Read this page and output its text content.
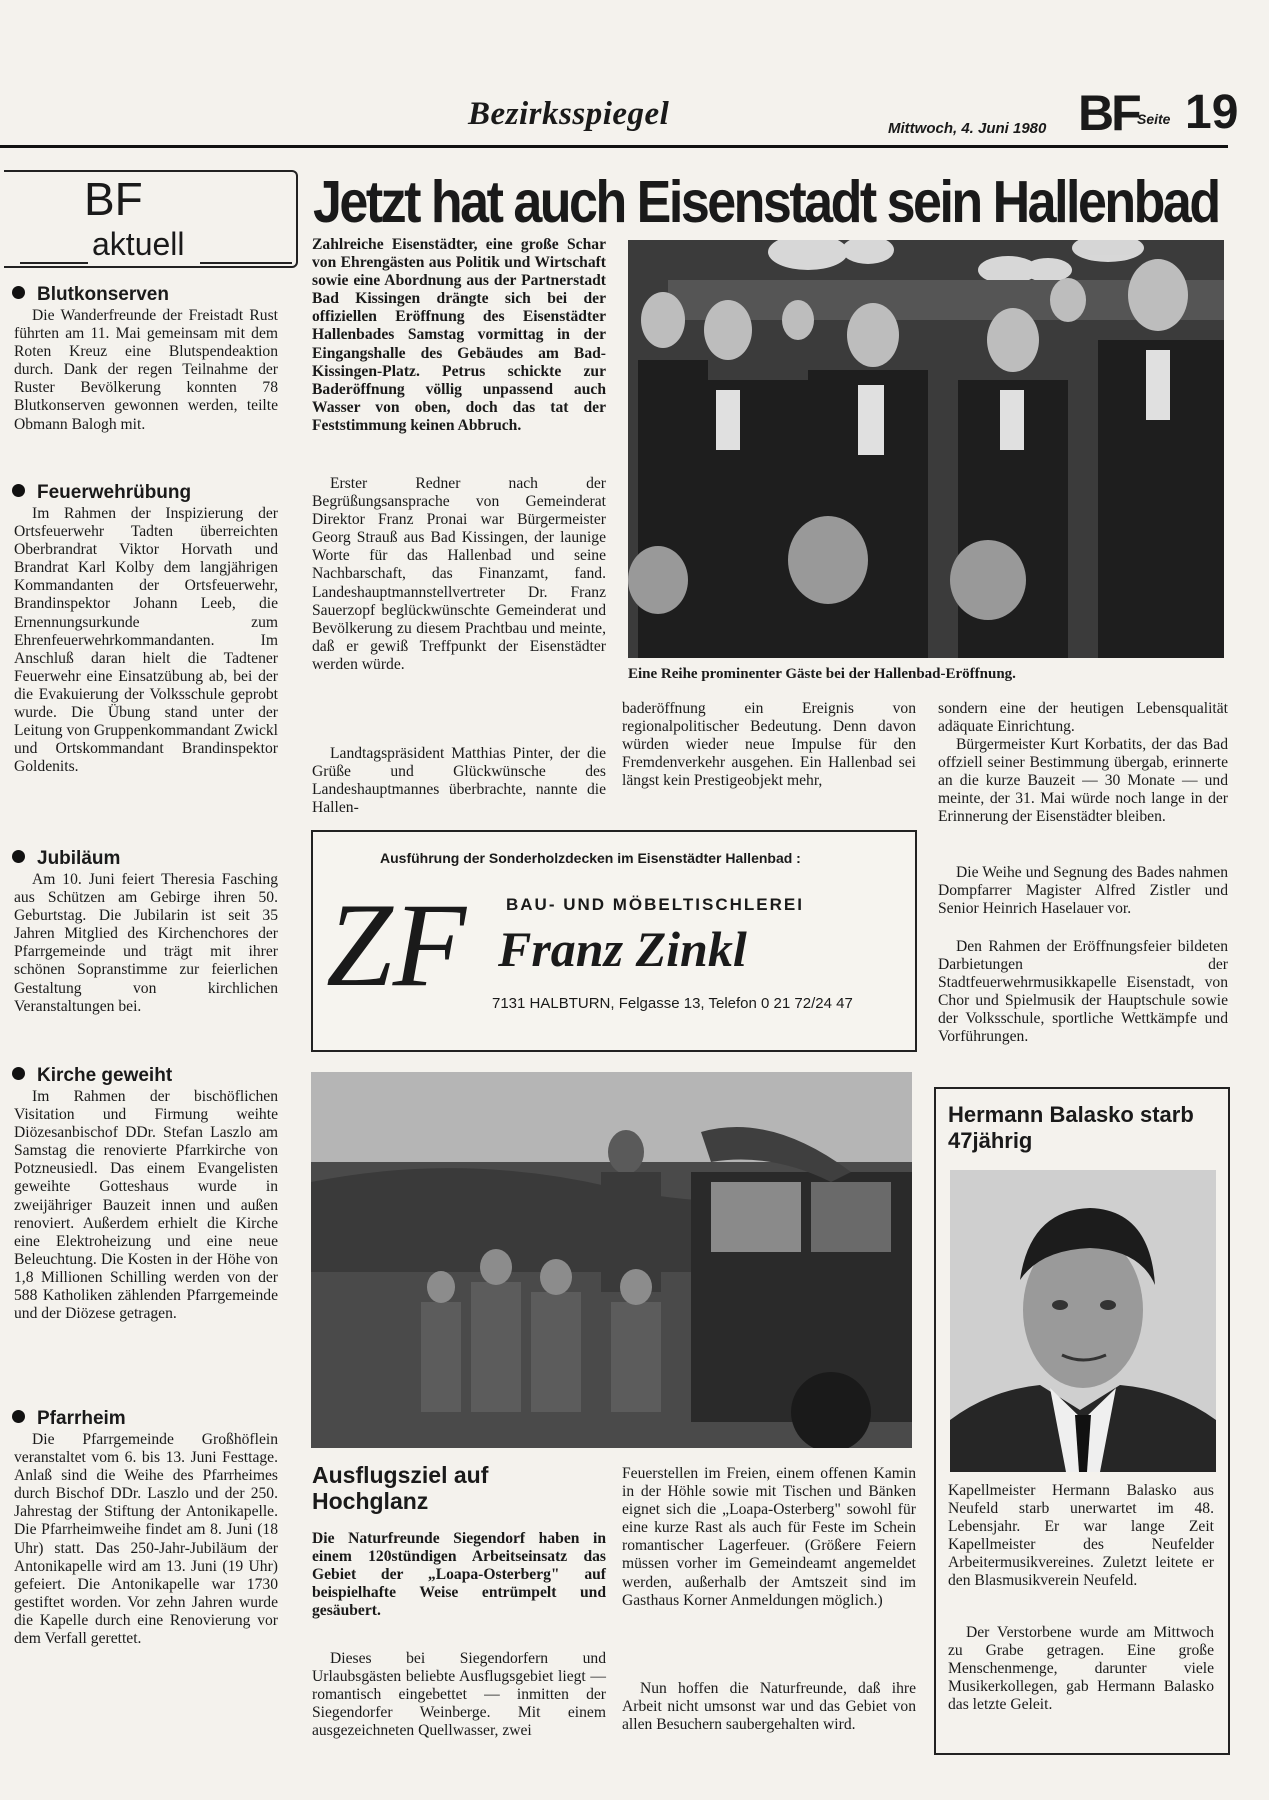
Bezirksspiegel	Mittwoch, 4. Juni 1980 BF
Seite 19
BF
aktuell
Blutkonserven

Die Wanderfreunde der Freistadt Rust führten am 11. Mai gemeinsam mit dem Roten Kreuz eine Blutspendeaktion durch. Dank der regen Teilnahme der Ruster Bevölkerung konnten 78 Blutkonserven gewonnen werden, teilte Obmann Balogh mit.

Feuerwehrübung

Im Rahmen der Inspizierung der Ortsfeuerwehr Tadten überreichten Oberbrandrat Viktor Horvath und Brandrat Karl Kolby dem langjährigen Kommandanten der Ortsfeuerwehr, Brandinspektor Johann Leeb, die Ernennungsurkunde zum Ehrenfeuerwehrkommandanten. Im Anschluß daran hielt die Tadtener Feuerwehr eine Einsatzübung ab, bei der die Evakuierung der Volksschule geprobt wurde. Die Übung stand unter der Leitung von Gruppenkommandant Zwickl und Ortskommandant Brandinspektor Goldenits.

Jubiläum

Am 10. Juni feiert Theresia Fasching aus Schützen am Gebirge ihren 50. Geburtstag. Die Jubilarin ist seit 35 Jahren Mitglied des Kirchenchores der Pfarrgemeinde und trägt mit ihrer schönen Sopranstimme zur feierlichen Gestaltung von kirchlichen Veranstaltungen bei.

Kirche geweiht

Im Rahmen der bischöflichen Visitation und Firmung weihte Diözesanbischof DDr. Stefan Laszlo am Samstag die renovierte Pfarrkirche von Potzneusiedl. Das einem Evangelisten geweihte Gotteshaus wurde in zweijähriger Bauzeit innen und außen renoviert. Außerdem erhielt die Kirche eine Elektroheizung und eine neue Beleuchtung. Die Kosten in der Höhe von 1,8 Millionen Schilling werden von der 588 Katholiken zählenden Pfarrgemeinde und der Diözese getragen.

Pfarrheim

Die Pfarrgemeinde Großhöflein veranstaltet vom 6. bis 13. Juni Festtage. Anlaß sind die Weihe des Pfarrheimes durch Bischof DDr. Laszlo und der 250. Jahrestag der Stiftung der Antonikapelle. Die Pfarrheimweihe findet am 8. Juni (18 Uhr) statt. Das 250-Jahr-Jubiläum der Antonikapelle wird am 13. Juni (19 Uhr) gefeiert. Die Antonikapelle war 1730 gestiftet worden. Vor zehn Jahren wurde die Kapelle durch eine Renovierung vor dem Verfall gerettet.

Jetzt hat auch Eisenstadt sein Hallenbad

Zahlreiche Eisenstädter, eine große Schar von Ehrengästen aus Politik und Wirtschaft sowie eine Abordnung aus der Partnerstadt Bad Kissingen drängte sich bei der offiziellen Eröffnung des Eisenstädter Hallenbades Samstag vormittag in der Eingangshalle des Gebäudes am Bad-Kissingen-Platz. Petrus schickte zur Baderöffnung völlig unpassend auch Wasser von oben, doch das tat der Feststimmung keinen Abbruch.

Erster Redner nach der Begrüßungsansprache von Gemeinderat Direktor Franz Pronai war Bürgermeister Georg Strauß aus Bad Kissingen, der launige Worte für das Hallenbad und seine Nachbarschaft, das Finanzamt, fand. Landeshauptmannstellvertreter Dr. Franz Sauerzopf beglückwünschte Gemeinderat und Bevölkerung zu diesem Prachtbau und meinte, daß er gewiß Treffpunkt der Eisenstädter werden würde.

Landtagspräsident Matthias Pinter, der die Grüße und Glückwünsche des Landeshauptmannes überbrachte, nannte die Hallen-

Eine Reihe prominenter Gäste bei der Hallenbad-Eröffnung.

baderöffnung ein Ereignis von regionalpolitischer Bedeutung. Denn davon würden wieder neue Impulse für den Fremdenverkehr ausgehen. Ein Hallenbad sei längst kein Prestigeobjekt mehr,

sondern eine der heutigen Lebensqualität adäquate Einrichtung.

Bürgermeister Kurt Korbatits, der das Bad offziell seiner Bestimmung übergab, erinnerte an die kurze Bauzeit — 30 Monate — und meinte, der 31. Mai würde noch lange in der Erinnerung der Eisenstädter bleiben.

Die Weihe und Segnung des Bades nahmen Dompfarrer Magister Alfred Zistler und Senior Heinrich Haselauer vor.

Den Rahmen der Eröffnungsfeier bildeten Darbietungen der Stadtfeuerwehrmusikkapelle Eisenstadt, von Chor und Spielmusik der Hauptschule sowie der Volksschule, sportliche Wettkämpfe und Vorführungen.

Ausführung der Sonderholzdecken im Eisenstädter Hallenbad :
ZF BAU- UND MÖBELTISCHLEREI
Franz Zinkl
7131 HALBTURN, Felgasse 13, Telefon 0 21 72/24 47
Ausflugsziel auf Hochglanz

Die Naturfreunde Siegendorf haben in einem 120stündigen Arbeitseinsatz das Gebiet der „Loapa-Osterberg" auf beispielhafte Weise entrümpelt und gesäubert.

Dieses bei Siegendorfern und Urlaubsgästen beliebte Ausflugsgebiet liegt — romantisch eingebettet — inmitten der Siegendorfer Weinberge. Mit einem ausgezeichneten Quellwasser, zwei

Feuerstellen im Freien, einem offenen Kamin in der Höhle sowie mit Tischen und Bänken eignet sich die „Loapa-Osterberg" sowohl für eine kurze Rast als auch für Feste im Schein romantischer Lagerfeuer. (Größere Feiern müssen vorher im Gemeindeamt angemeldet werden, außerhalb der Amtszeit sind im Gasthaus Korner Anmeldungen möglich.)

Nun hoffen die Naturfreunde, daß ihre Arbeit nicht umsonst war und das Gebiet von allen Besuchern saubergehalten wird.

Hermann Balasko starb 47jährig

Kapellmeister Hermann Balasko aus Neufeld starb unerwartet im 48. Lebensjahr. Er war lange Zeit Kapellmeister des Neufelder Arbeitermusikvereines. Zuletzt leitete er den Blasmusikverein Neufeld.

Der Verstorbene wurde am Mittwoch zu Grabe getragen. Eine große Menschenmenge, darunter viele Musikerkollegen, gab Hermann Balasko das letzte Geleit.
